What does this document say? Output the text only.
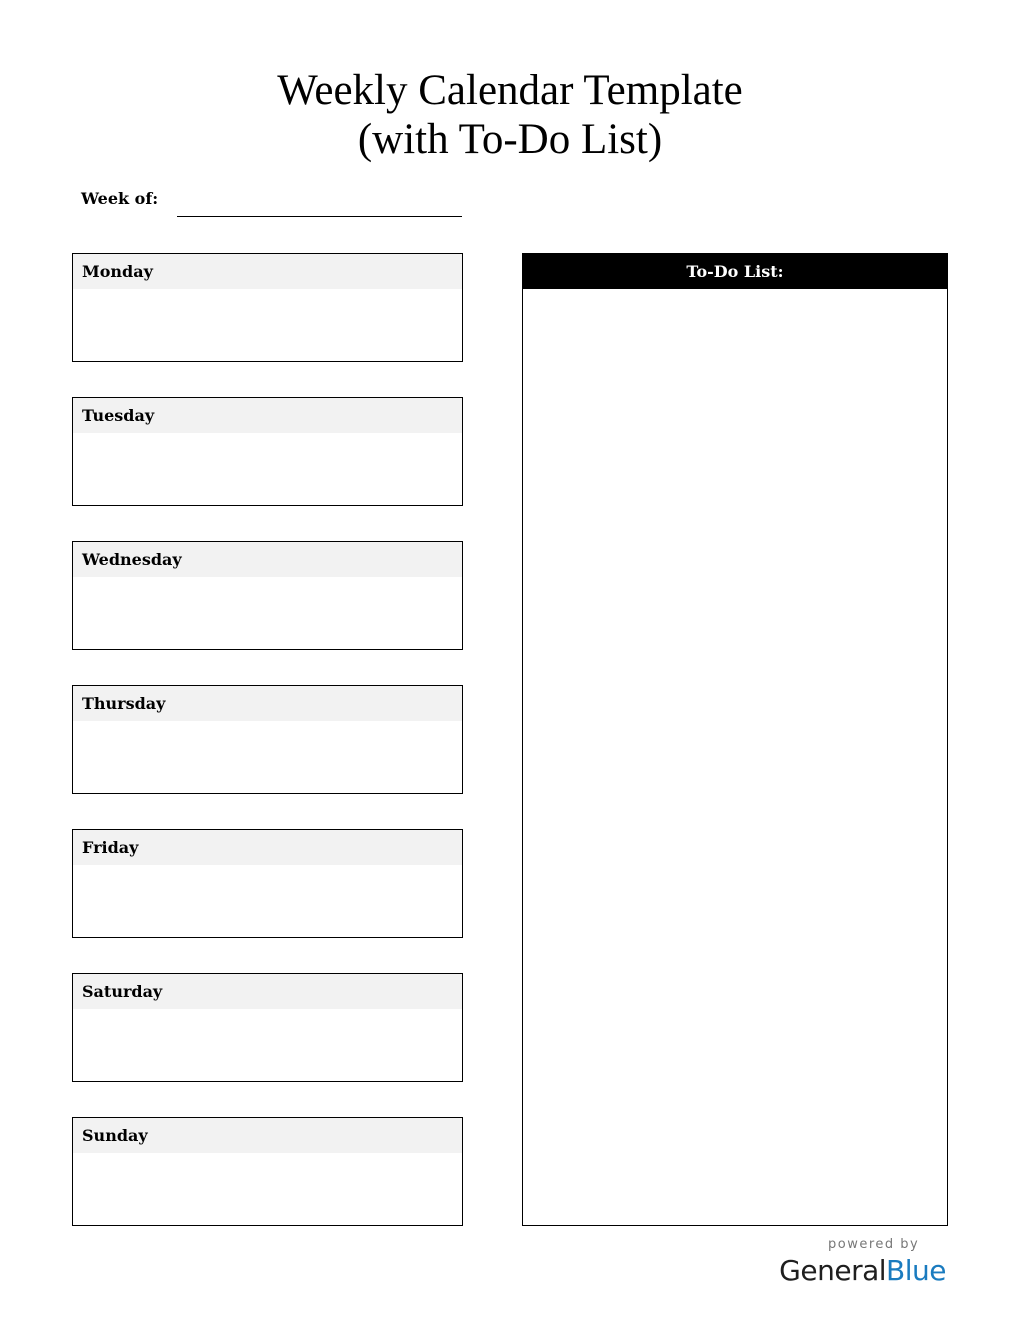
Weekly Calendar Template
(with To-Do List)
Week of:
Monday
Tuesday
Wednesday
Thursday
Friday
Saturday
Sunday
To-Do List:
powered by
GeneralBlue
